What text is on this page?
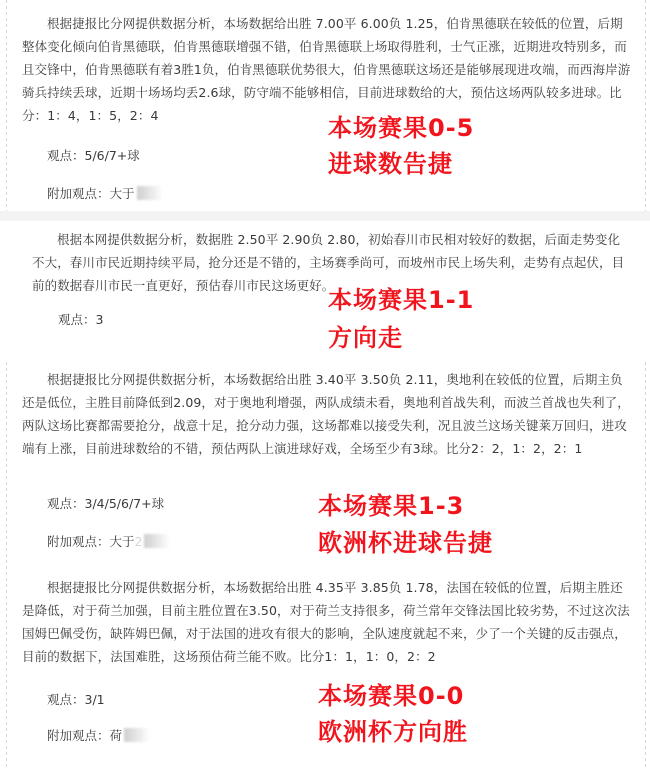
根据捷报比分网提供数据分析，本场数据给出胜 7.00平 6.00负 1.25，伯肯黑德联在较低的位置，后期整体变化倾向伯肯黑德联，伯肯黑德联增强不错，伯肯黑德联上场取得胜利，士气正涨，近期进攻特别多，而且交锋中，伯肯黑德联有着3胜1负，伯肯黑德联优势很大，伯肯黑德联这场还是能够展现进攻端，而西海岸游骑兵持续丢球，近期十场场均丢2.6球，防守端不能够相信，目前进球数给的大，预估这场两队较多进球。比分：1：4，1：5，2：4

观点：5/6/7+球

附加观点：大于

本场赛果0-5

进球数告捷

根据本网提供数据分析，数据胜 2.50平 2.90负 2.80，初始春川市民相对较好的数据，后面走势变化不大，春川市民近期持续平局，抢分还是不错的，主场赛季尚可，而坡州市民上场失利，走势有点起伏，目前的数据春川市民一直更好，预估春川市民这场更好。

观点：3

本场赛果1-1

方向走

根据捷报比分网提供数据分析，本场数据给出胜 3.40平 3.50负 2.11，奥地利在较低的位置，后期主负还是低位，主胜目前降低到2.09，对于奥地利增强，两队成绩未看，奥地利首战失利，而波兰首战也失利了，两队这场比赛都需要抢分，战意十足，抢分动力强，这场都难以接受失利，况且波兰这场关键莱万回归，进攻端有上涨，目前进球数给的不错，预估两队上演进球好戏，全场至少有3球。比分2：2，1：2，2：1

观点：3/4/5/6/7+球

附加观点：大于2

本场赛果1-3

欧洲杯进球告捷

根据捷报比分网提供数据分析，本场数据给出胜 4.35平 3.85负 1.78，法国在较低的位置，后期主胜还是降低，对于荷兰加强，目前主胜位置在3.50，对于荷兰支持很多，荷兰常年交锋法国比较劣势，不过这次法国姆巴佩受伤，缺阵姆巴佩，对于法国的进攻有很大的影响，全队速度就起不来，少了一个关键的反击强点，目前的数据下，法国难胜，这场预估荷兰能不败。比分1：1，1：0，2：2

观点：3/1

附加观点：荷

本场赛果0-0

欧洲杯方向胜
